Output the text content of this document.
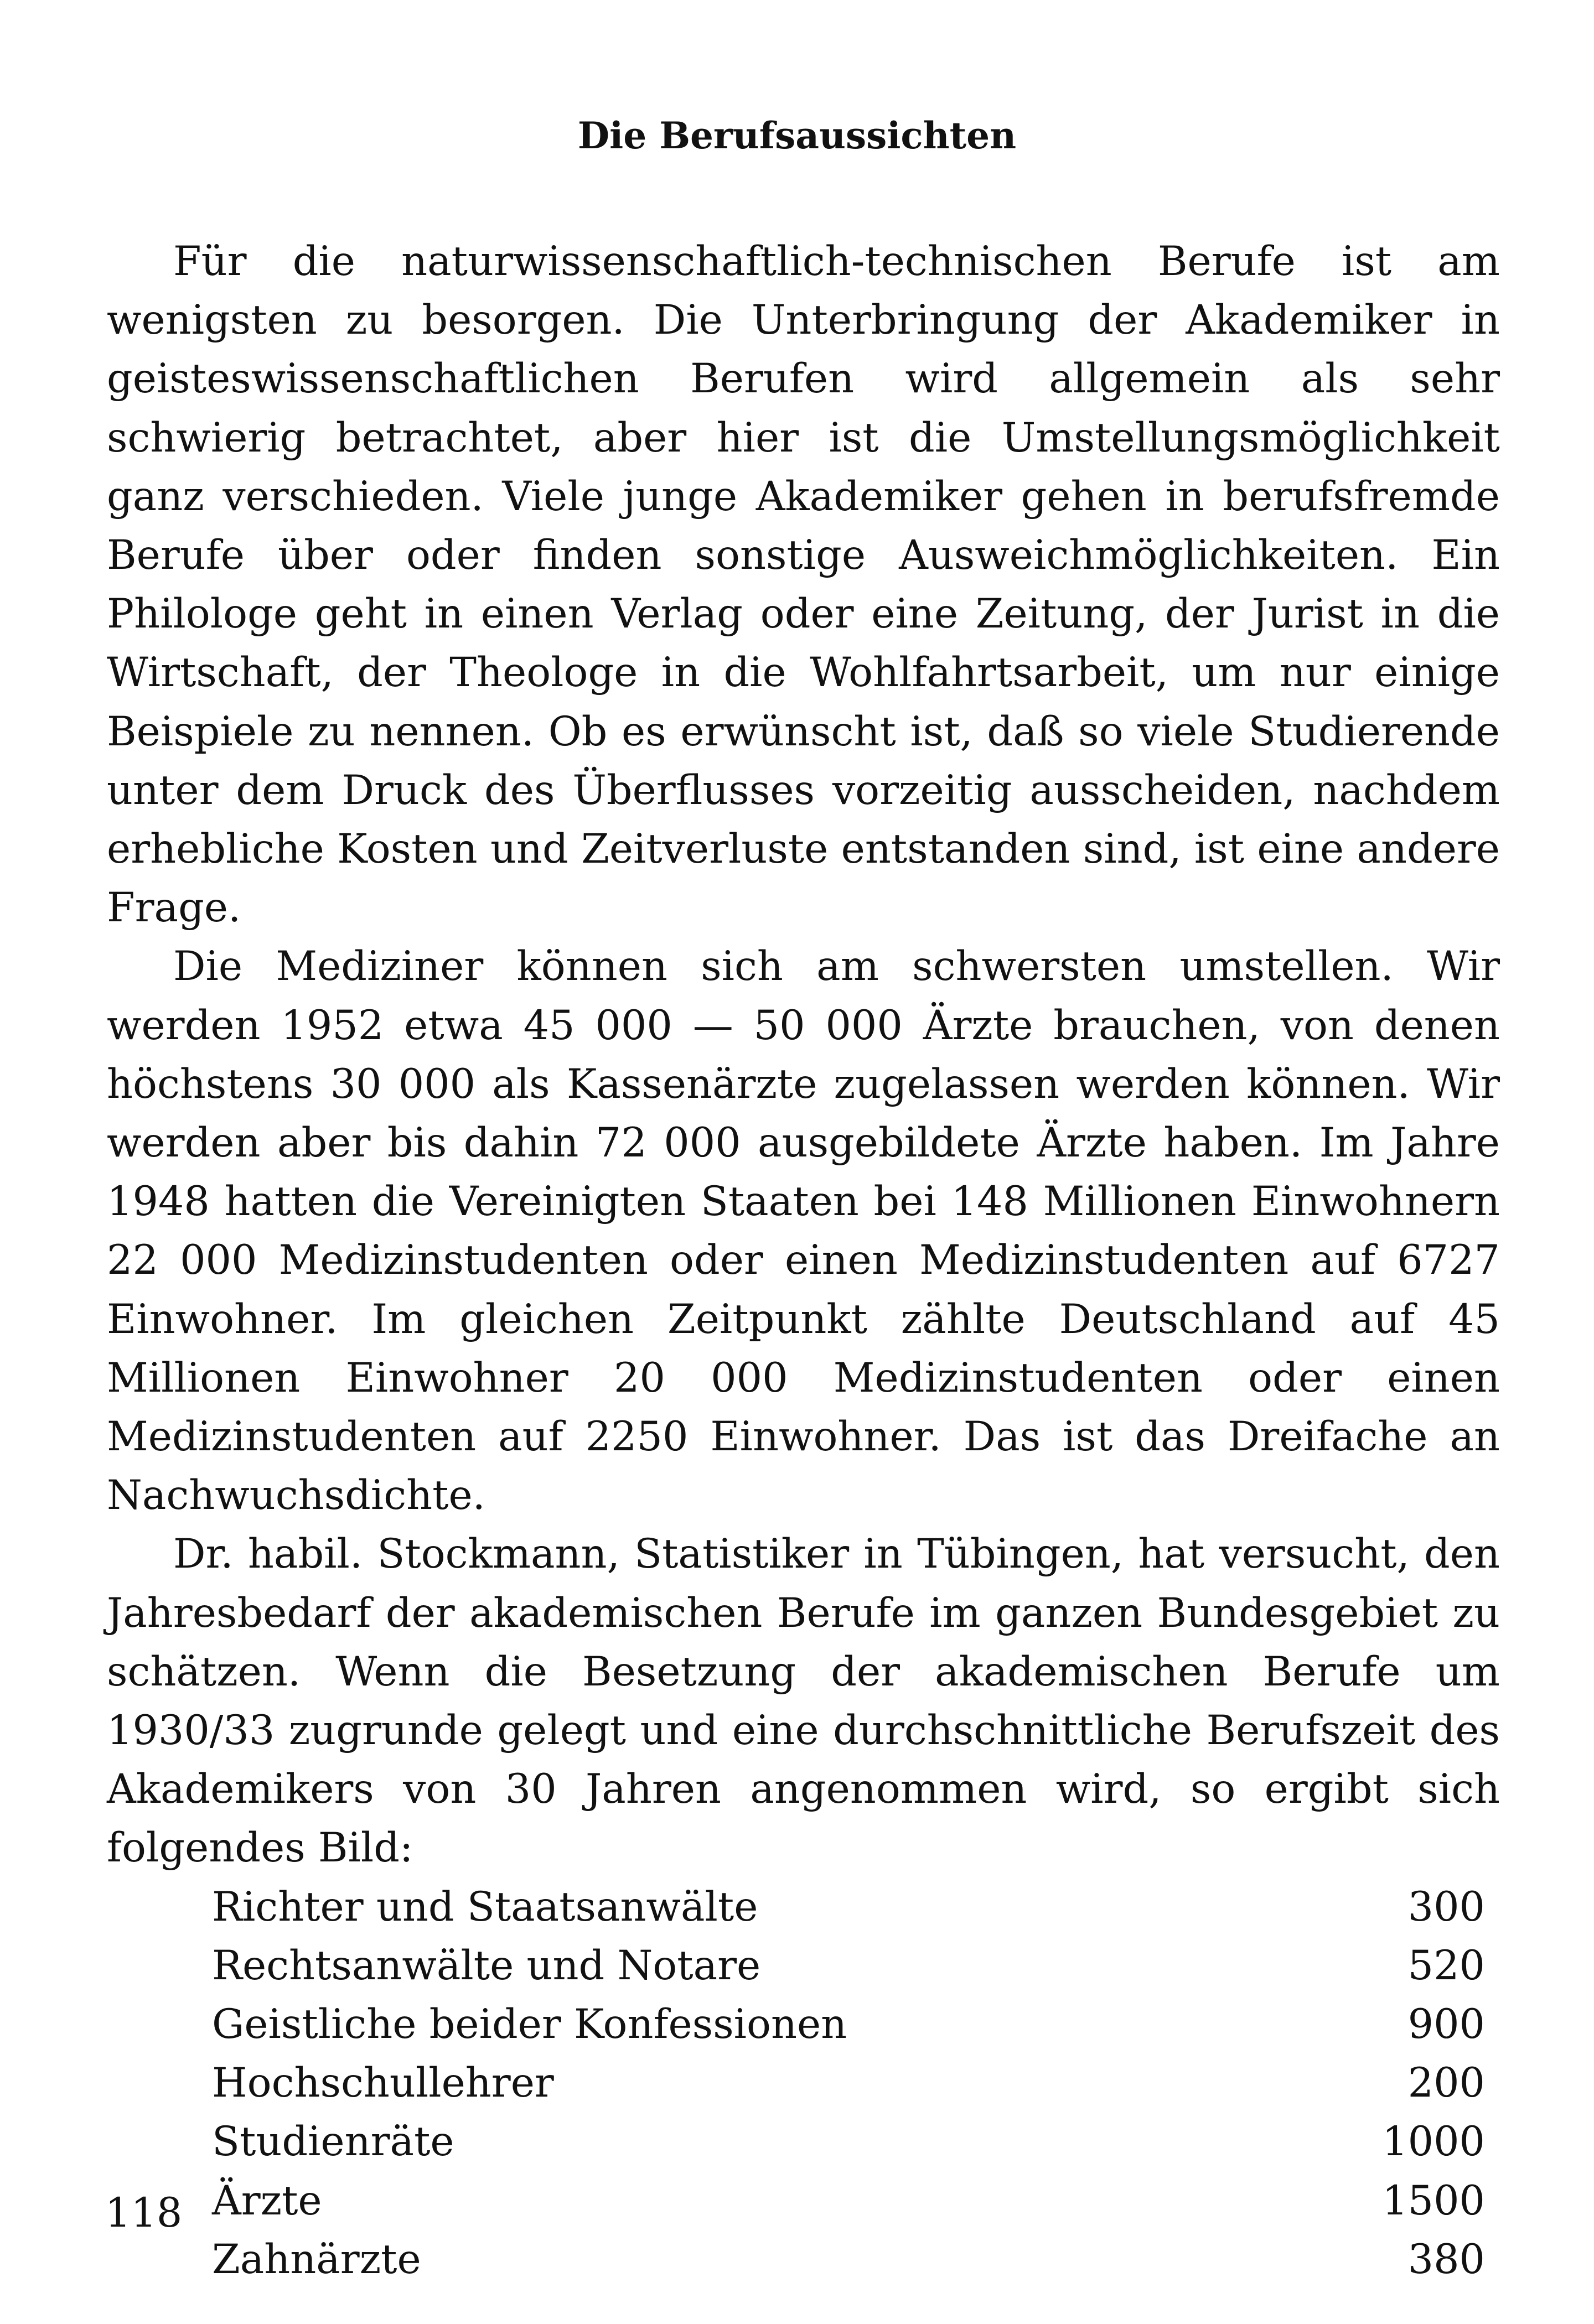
Die Berufsaussichten

Für die naturwissenschaftlich-technischen Berufe ist am wenigsten zu besorgen. Die Unterbringung der Akademiker in geisteswissenschaftlichen Berufen wird allgemein als sehr schwierig betrachtet, aber hier ist die Umstellungsmöglichkeit ganz verschieden. Viele junge Akademiker gehen in berufsfremde Berufe über oder finden sonstige Ausweichmöglichkeiten. Ein Philologe geht in einen Verlag oder eine Zeitung, der Jurist in die Wirtschaft, der Theologe in die Wohlfahrtsarbeit, um nur einige Beispiele zu nennen. Ob es erwünscht ist, daß so viele Studierende unter dem Druck des Überflusses vorzeitig ausscheiden, nachdem erhebliche Kosten und Zeitverluste entstanden sind, ist eine andere Frage.

Die Mediziner können sich am schwersten umstellen. Wir werden 1952 etwa 45 000 — 50 000 Ärzte brauchen, von denen höchstens 30 000 als Kassenärzte zugelassen werden können. Wir werden aber bis dahin 72 000 ausgebildete Ärzte haben. Im Jahre 1948 hatten die Vereinigten Staaten bei 148 Millionen Einwohnern 22 000 Medizinstudenten oder einen Medizinstudenten auf 6727 Einwohner. Im gleichen Zeitpunkt zählte Deutschland auf 45 Millionen Einwohner 20 000 Medizinstudenten oder einen Medizinstudenten auf 2250 Einwohner. Das ist das Dreifache an Nachwuchsdichte.

Dr. habil. Stockmann, Statistiker in Tübingen, hat versucht, den Jahresbedarf der akademischen Berufe im ganzen Bundesgebiet zu schätzen. Wenn die Besetzung der akademischen Berufe um 1930/33 zugrunde gelegt und eine durchschnittliche Berufszeit des Akademikers von 30 Jahren angenommen wird, so ergibt sich folgendes Bild:

Richter und Staatsanwälte	300
Rechtsanwälte und Notare	520
Geistliche beider Konfessionen	900
Hochschullehrer	200
Studienräte	1000
Ärzte	1500
Zahnärzte	380
118
